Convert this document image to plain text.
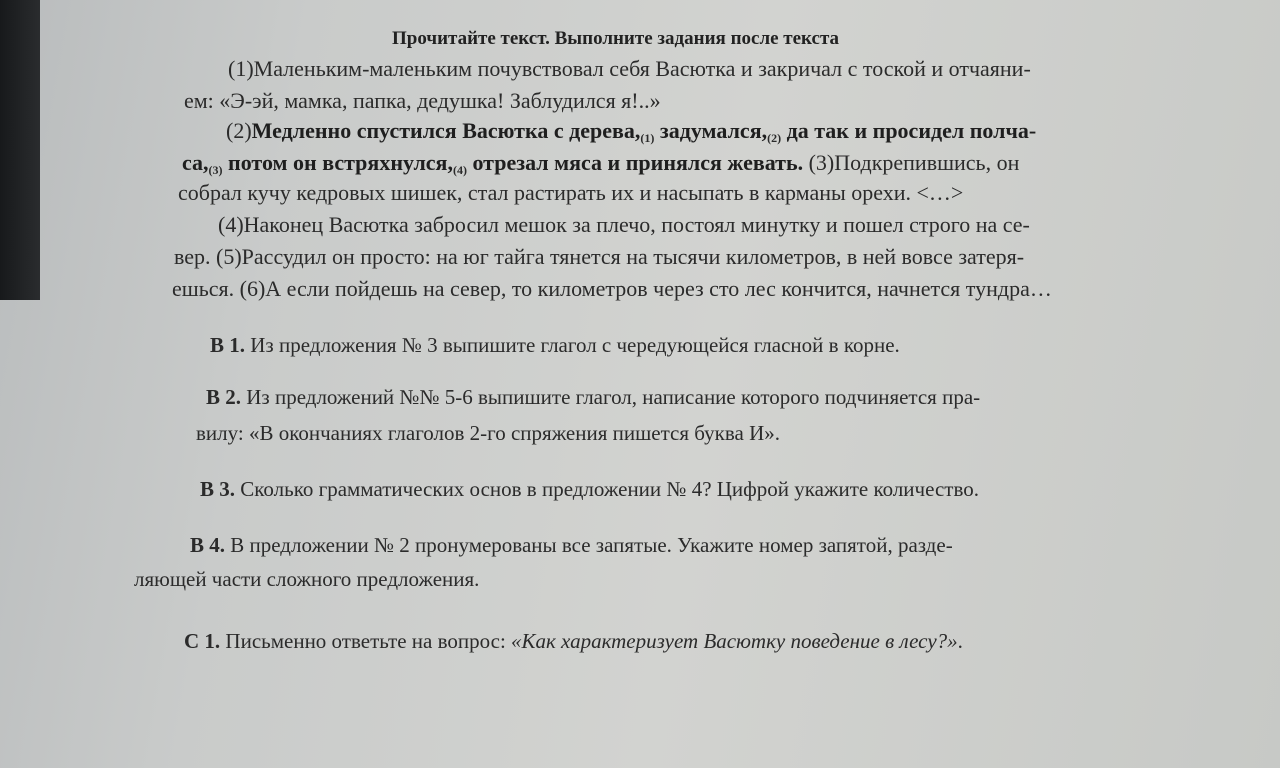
Прочитайте текст. Выполните задания после текста
(1)Маленьким-маленьким почувствовал себя Васютка и закричал с тоской и отчаяни-
ем: «Э-эй, мамка, папка, дедушка! Заблудился я!..»
(2)Медленно спустился Васютка с $дерева,_{(1)}$ $задумался,_{(2)}$ да так и просидел полча-
$са,_{(3)}$ потом он $встряхнулся,_{(4)}$ отрезал мяса и принялся жевать. (3)Подкрепившись, он
собрал кучу кедровых шишек, стал растирать их и насыпать в карманы орехи. <…>
(4)Наконец Васютка забросил мешок за плечо, постоял минутку и пошел строго на се-
вер. (5)Рассудил он просто: на юг тайга тянется на тысячи километров, в ней вовсе затеря-
ешься. (6)А если пойдешь на север, то километров через сто лес кончится, начнется тундра…
В 1. Из предложения № 3 выпишите глагол с чередующейся гласной в корне.
В 2. Из предложений №№ 5-6 выпишите глагол, написание которого подчиняется пра-
вилу: «В окончаниях глаголов 2-го спряжения пишется буква И».
В 3. Сколько грамматических основ в предложении № 4? Цифрой укажите количество.
В 4. В предложении № 2 пронумерованы все запятые. Укажите номер запятой, разде-
ляющей части сложного предложения.
С 1. Письменно ответьте на вопрос: «Как характеризует Васютку поведение в лесу?».
